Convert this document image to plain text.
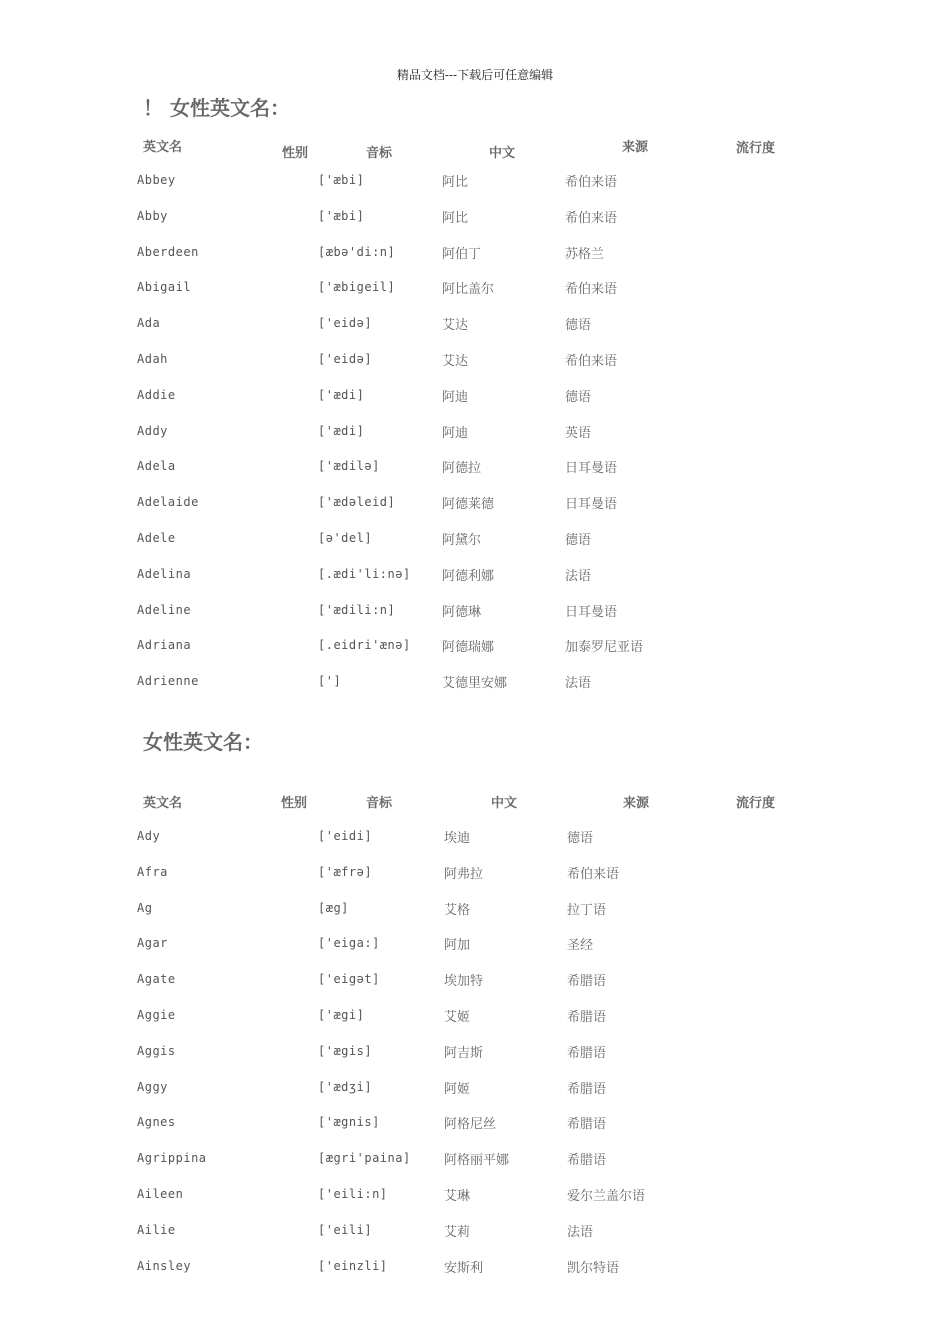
精品文档---下载后可任意编辑
！ 女性英文名：
英文名	性别	音标	中文	来源	流行度
Abbey	['æbi]	阿比	希伯来语
Abby	['æbi]	阿比	希伯来语
Aberdeen	[æbə'di:n]	阿伯丁	苏格兰
Abigail	['æbigeil]	阿比盖尔	希伯来语
Ada	['eidə]	艾达	德语
Adah	['eidə]	艾达	希伯来语
Addie	['ædi]	阿迪	德语
Addy	['ædi]	阿迪	英语
Adela	['ædilə]	阿德拉	日耳曼语
Adelaide	['ædəleid]	阿德莱德	日耳曼语
Adele	[ə'del]	阿黛尔	德语
Adelina	[.ædi'li:nə] 阿德利娜	法语
Adeline	['ædili:n]	阿德琳	日耳曼语
Adriana	[.eidri'ænə] 阿德瑞娜	加泰罗尼亚语
Adrienne	[']	艾德里安娜	法语
女性英文名：
英文名	性别	音标	中文	来源	流行度
Ady	['eidi]	埃迪	德语
Afra	['æfrə]	阿弗拉	希伯来语
Ag	[æg]	艾格	拉丁语
Agar	['eiga:]	阿加	圣经
Agate	['eigət]	埃加特	希腊语
Aggie	['ægi]	艾姬	希腊语
Aggis	['ægis]	阿吉斯	希腊语
Aggy	['ædʒi]	阿姬	希腊语
Agnes	['ægnis]	阿格尼丝	希腊语
Agrippina	[ægri'paina]	阿格丽平娜	希腊语
Aileen	['eili:n]	艾琳	爱尔兰盖尔语
Ailie	['eili]	艾莉	法语
Ainsley	['einzli]	安斯利	凯尔特语
